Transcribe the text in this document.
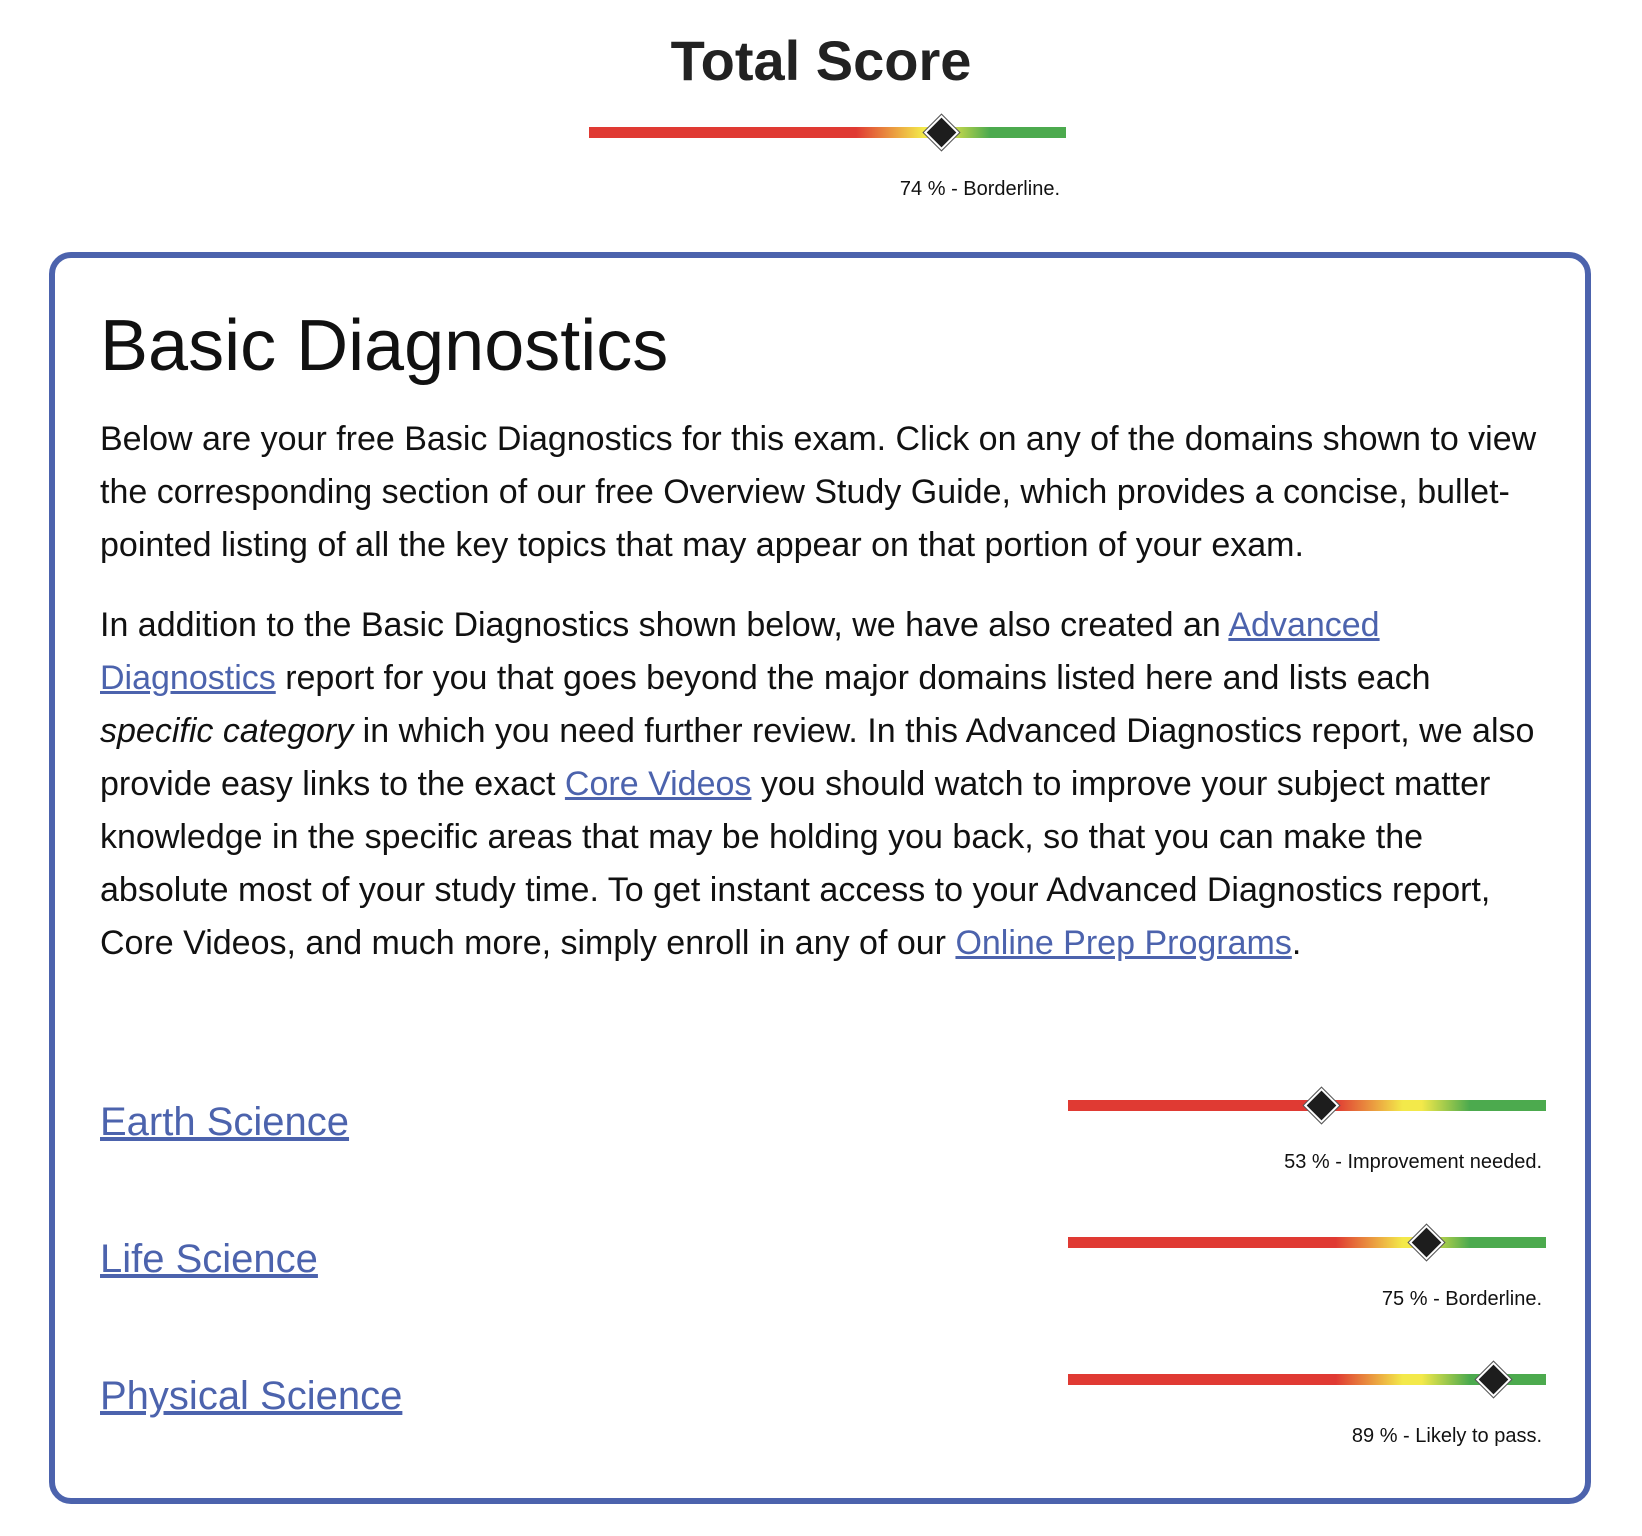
Total Score
74 % - Borderline.
Basic Diagnostics

Below are your free Basic Diagnostics for this exam. Click on any of the domains shown to view the corresponding section of our free Overview Study Guide, which provides a concise, bullet-pointed listing of all the key topics that may appear on that portion of your exam.

In addition to the Basic Diagnostics shown below, we have also created an Advanced Diagnostics report for you that goes beyond the major domains listed here and lists each specific category in which you need further review. In this Advanced Diagnostics report, we also provide easy links to the exact Core Videos you should watch to improve your subject matter knowledge in the specific areas that may be holding you back, so that you can make the absolute most of your study time. To get instant access to your Advanced Diagnostics report, Core Videos, and much more, simply enroll in any of our Online Prep Programs.

Earth Science
53 % - Improvement needed.
Life Science
75 % - Borderline.
Physical Science
89 % - Likely to pass.
